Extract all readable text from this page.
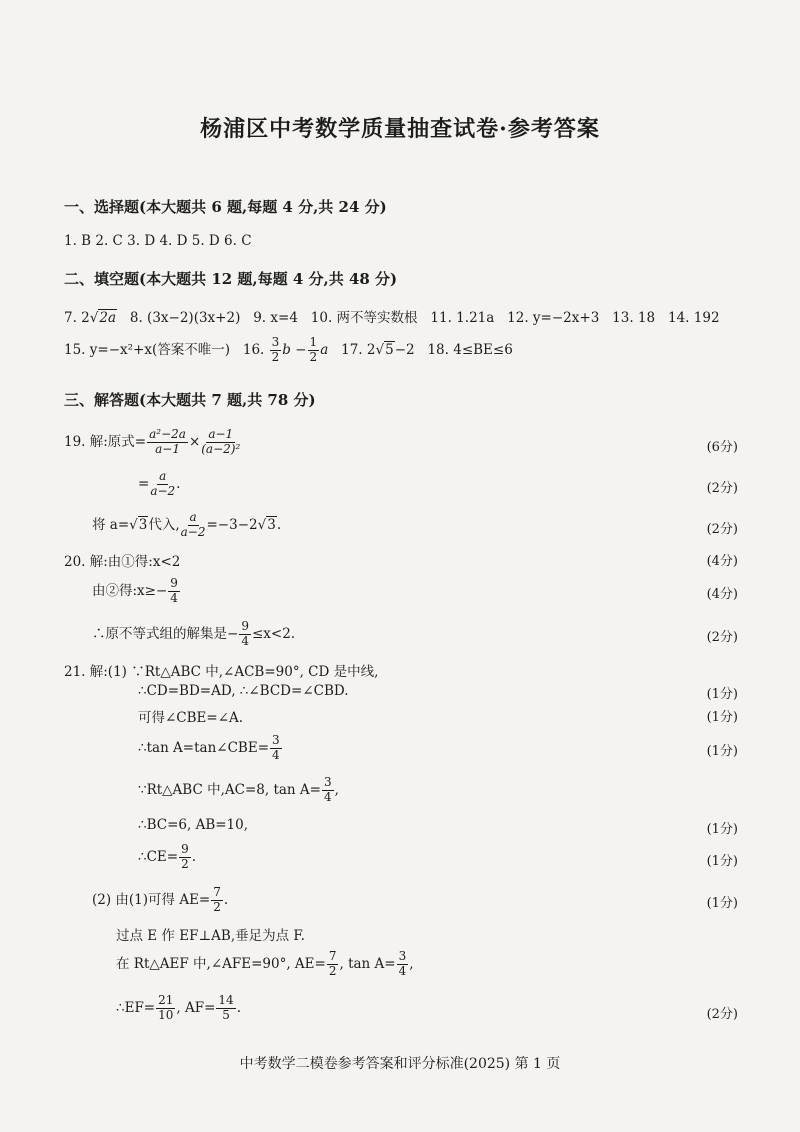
杨浦区中考数学质量抽查试卷·参考答案
一、选择题(本大题共 6 题,每题 4 分,共 24 分)
1. B 2. C 3. D 4. D 5. D 6. C
二、填空题(本大题共 12 题,每题 4 分,共 48 分)
7. 2√2a 8. (3x−2)(3x+2) 9. x=4 10. 两不等实数根 11. 1.21a 12. y=−2x+3 13. 18 14. 192
15. y=−x²+x(答案不唯一) 16. $\frac{3}{2}$ $b - \frac{1}{2}$ a 17. 2√5−2 18. 4≤BE≤6
三、解答题(本大题共 7 题,共 78 分)
19. 解:原式= $\frac{\text{a²−2a}}{a-1} \times \frac{a-1}{\text{(a−2)²}}$	(6分)
= $\frac{a}{a-2}$ .	(2分)
将 a=√3代入, $\frac{a}{a-2} =-3-2√3$.	(2分)
20. 解:由①得:x<2	(4分)
由②得:x≥− $\frac{9}{4}$	(4分)
∴原不等式组的解集是− $\frac{9}{4} \le x<2$.	(2分)
21. 解:(1) ∵Rt△ABC 中,∠ACB=90°, CD 是中线,
∴CD=BD=AD, ∴∠BCD=∠CBD.	(1分)
可得∠CBE=∠A.	(1分)
∴tan A=tan∠CBE= $\frac{3}{4}$	(1分)
∵Rt△ABC 中,AC=8, $\tan A= \frac{3}{4}$ ,
∴BC=6, AB=10,	(1分)
∴CE= $\frac{9}{2}$ .	(1分)
(2) 由(1)可得 $AE= \frac{7}{2}$ .	(1分)
过点 E 作 EF⊥AB,垂足为点 F.
在 Rt△AEF 中,∠AFE=90°, $AE= \frac{7}{2}$ , $\tan A= \frac{3}{4}$ ,
∴EF= $\frac{21}{10}$ , $AF= \frac{14}{5}$ .	(2分)
中考数学二模卷参考答案和评分标准(2025) 第 1 页
